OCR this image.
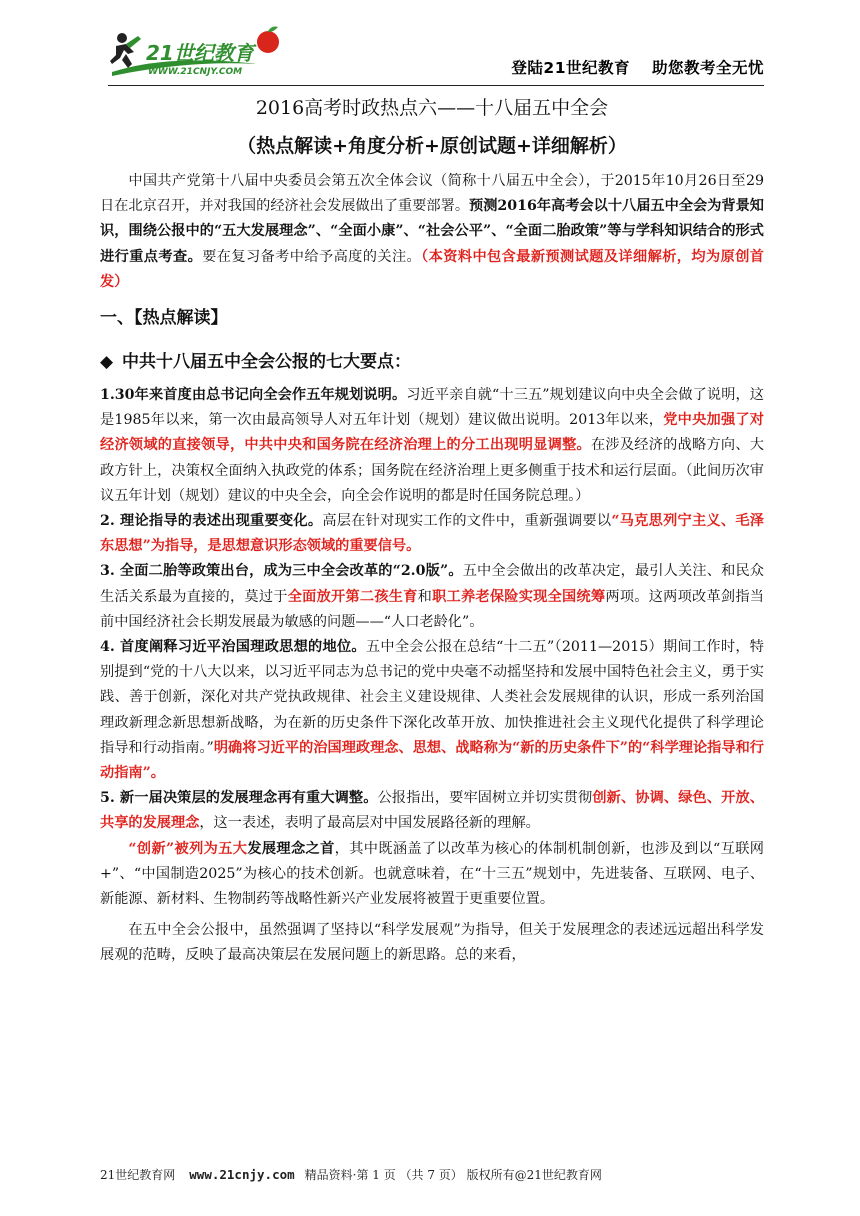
WWW.21CNJY.COM
21世纪教育
登陆21世纪教育 助您教考全无忧
2016高考时政热点六——十八届五中全会
（热点解读+角度分析+原创试题+详细解析）

中国共产党第十八届中央委员会第五次全体会议（简称十八届五中全会），于2015年10月26日至29日在北京召开，并对我国的经济社会发展做出了重要部署。预测2016年高考会以十八届五中全会为背景知识，围绕公报中的“五大发展理念”、“全面小康”、“社会公平”、“全面二胎政策”等与学科知识结合的形式进行重点考查。要在复习备考中给予高度的关注。（本资料中包含最新预测试题及详细解析，均为原创首发）

一、【热点解读】
◆ 中共十八届五中全会公报的七大要点：

1.30年来首度由总书记向全会作五年规划说明。习近平亲自就“十三五”规划建议向中央全会做了说明，这是1985年以来，第一次由最高领导人对五年计划（规划）建议做出说明。2013年以来，党中央加强了对经济领域的直接领导，中共中央和国务院在经济治理上的分工出现明显调整。在涉及经济的战略方向、大政方针上，决策权全面纳入执政党的体系；国务院在经济治理上更多侧重于技术和运行层面。（此间历次审议五年计划（规划）建议的中央全会，向全会作说明的都是时任国务院总理。）

2. 理论指导的表述出现重要变化。高层在针对现实工作的文件中，重新强调要以“马克思列宁主义、毛泽东思想”为指导，是思想意识形态领域的重要信号。

3. 全面二胎等政策出台，成为三中全会改革的“2.0版”。五中全会做出的改革决定，最引人关注、和民众生活关系最为直接的，莫过于全面放开第二孩生育和职工养老保险实现全国统筹两项。这两项改革剑指当前中国经济社会长期发展最为敏感的问题——“人口老龄化”。

4. 首度阐释习近平治国理政思想的地位。五中全会公报在总结“十二五”（2011—2015）期间工作时，特别提到“党的十八大以来，以习近平同志为总书记的党中央毫不动摇坚持和发展中国特色社会主义，勇于实践、善于创新，深化对共产党执政规律、社会主义建设规律、人类社会发展规律的认识，形成一系列治国理政新理念新思想新战略，为在新的历史条件下深化改革开放、加快推进社会主义现代化提供了科学理论指导和行动指南。”明确将习近平的治国理政理念、思想、战略称为“新的历史条件下”的“科学理论指导和行动指南”。

5. 新一届决策层的发展理念再有重大调整。公报指出，要牢固树立并切实贯彻创新、协调、绿色、开放、共享的发展理念，这一表述，表明了最高层对中国发展路径新的理解。

“创新”被列为五大发展理念之首，其中既涵盖了以改革为核心的体制机制创新，也涉及到以“互联网+”、“中国制造2025”为核心的技术创新。也就意味着，在“十三五”规划中，先进装备、互联网、电子、新能源、新材料、生物制药等战略性新兴产业发展将被置于更重要位置。

在五中全会公报中，虽然强调了坚持以“科学发展观”为指导，但关于发展理念的表述远远超出科学发展观的范畴，反映了最高决策层在发展问题上的新思路。总的来看，

21世纪教育网 www.21cnjy.com 精品资料·第 1 页 （共 7 页） 版权所有@21世纪教育网
